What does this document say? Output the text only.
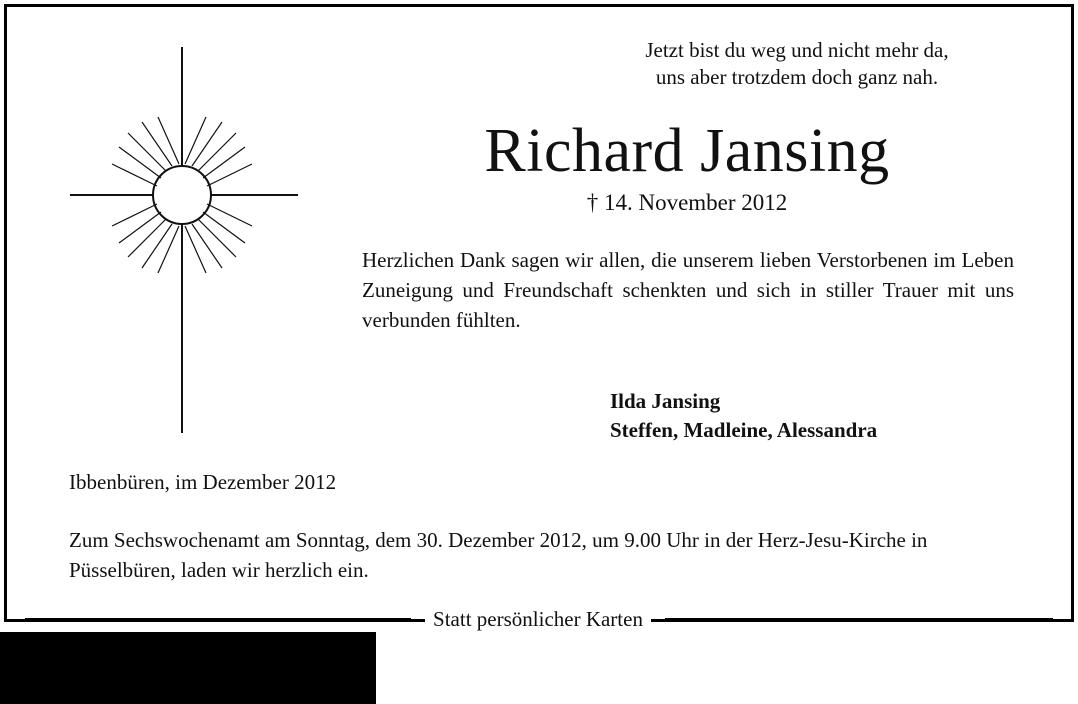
Jetzt bist du weg und nicht mehr da,
uns aber trotzdem doch ganz nah.
Richard Jansing
† 14. November 2012
Herzlichen Dank sagen wir allen, die unserem lieben Verstorbenen im Leben Zuneigung und Freundschaft schenkten und sich in stiller Trauer mit uns verbunden fühlten.
Ilda Jansing
Steffen, Madleine, Alessandra
Ibbenbüren, im Dezember 2012
Zum Sechswochenamt am Sonntag, dem 30. Dezember 2012, um 9.00 Uhr in der Herz-Jesu-Kirche in Püsselbüren, laden wir herzlich ein.
Statt persönlicher Karten
